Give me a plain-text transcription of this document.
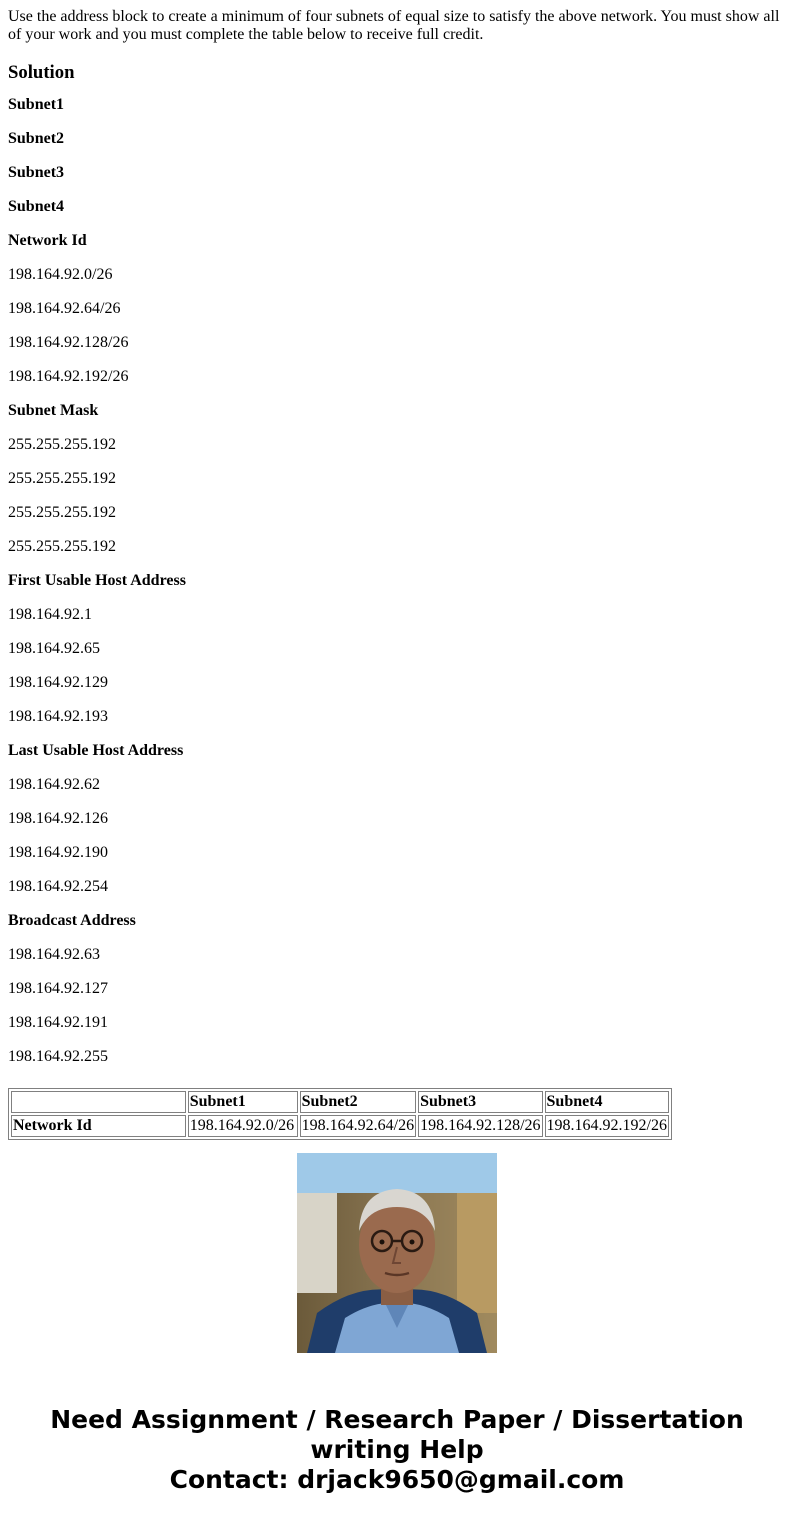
Use the address block to create a minimum of four subnets of equal size to satisfy the above network. You must show all of your work and you must complete the table below to receive full credit.

Solution
Subnet1
Subnet2
Subnet3
Subnet4
Network Id
198.164.92.0/26
198.164.92.64/26
198.164.92.128/26
198.164.92.192/26
Subnet Mask
255.255.255.192
255.255.255.192
255.255.255.192
255.255.255.192
First Usable Host Address
198.164.92.1
198.164.92.65
198.164.92.129
198.164.92.193
Last Usable Host Address
198.164.92.62
198.164.92.126
198.164.92.190
198.164.92.254
Broadcast Address
198.164.92.63
198.164.92.127
198.164.92.191
198.164.92.255
	Subnet1	Subnet2	Subnet3	Subnet4
Network Id	198.164.92.0/26	198.164.92.64/26	198.164.92.128/26	198.164.92.192/26
Need Assignment / Research Paper / Dissertation
writing Help
Contact: drjack9650@gmail.com
